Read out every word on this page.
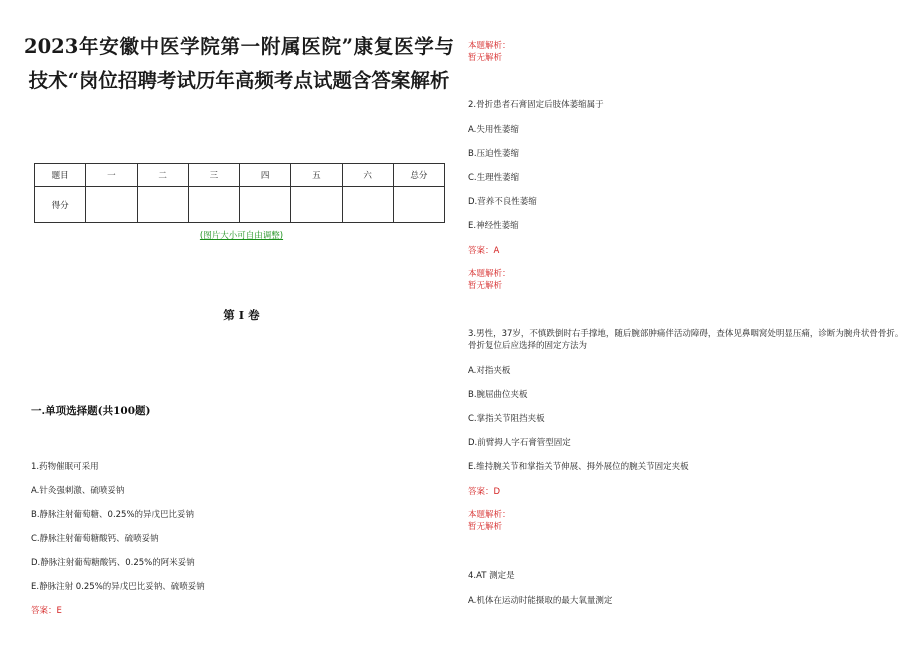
2023年安徽中医学院第一附属医院”康复医学与技术“岗位招聘考试历年高频考点试题含答案解析
题目	一	二	三	四	五	六	总分
得分							
(图片大小可自由调整)
第 I 卷
一.单项选择题(共100题)
1.药物催眠可采用
A.针灸强刺激、硫喷妥钠
B.静脉注射葡萄糖、0.25%的异戊巴比妥钠
C.静脉注射葡萄糖酸钙、硫喷妥钠
D.静脉注射葡萄糖酸钙、0.25%的阿米妥钠
E.静脉注射 0.25%的异戊巴比妥钠、硫喷妥钠
答案：E
本题解析：
暂无解析
2.骨折患者石膏固定后肢体萎缩属于
A.失用性萎缩
B.压迫性萎缩
C.生理性萎缩
D.营养不良性萎缩
E.神经性萎缩
答案：A
本题解析：
暂无解析
3.男性，37岁，不慎跌倒时右手撑地，随后腕部肿痛伴活动障碍，查体见鼻咽窝处明显压痛，诊断为腕舟状骨骨折。骨折复位后应选择的固定方法为
A.对指夹板
B.腕屈曲位夹板
C.掌指关节阻挡夹板
D.前臂拇人字石膏管型固定
E.维持腕关节和掌指关节伸展、拇外展位的腕关节固定夹板
答案：D
本题解析：
暂无解析
4.AT 测定是
A.机体在运动时能摄取的最大氧量测定
